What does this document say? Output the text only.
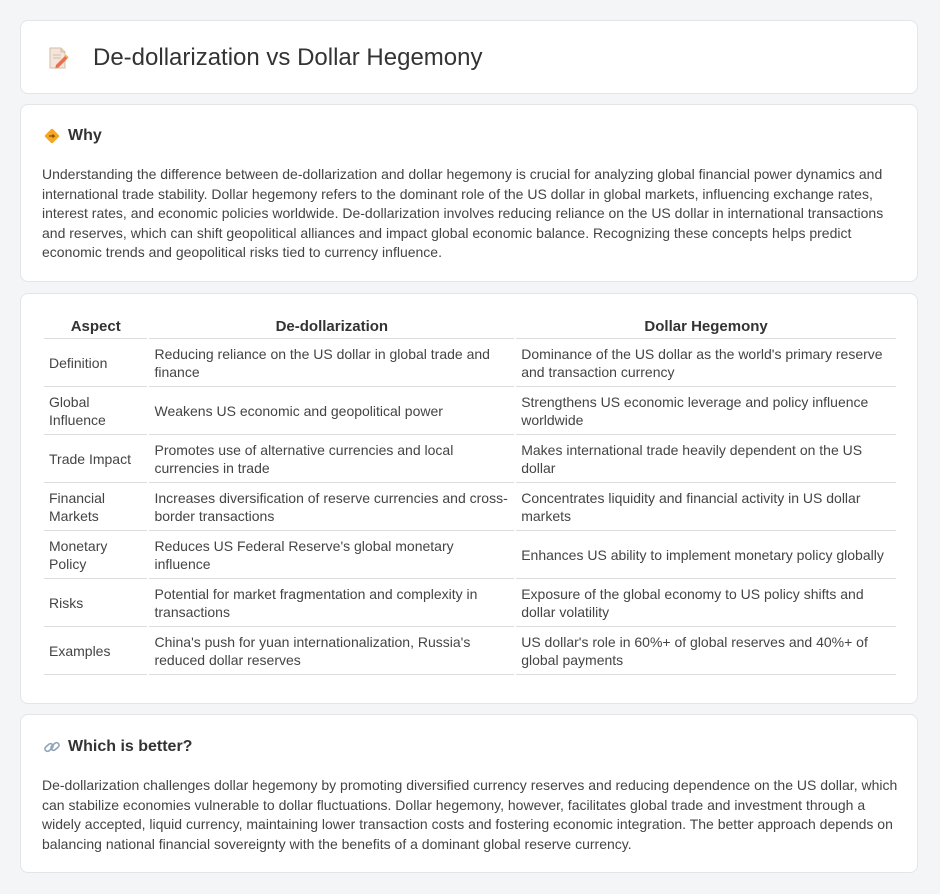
De-dollarization vs Dollar Hegemony
Why

Understanding the difference between de-dollarization and dollar hegemony is crucial for analyzing global financial power dynamics and international trade stability. Dollar hegemony refers to the dominant role of the US dollar in global markets, influencing exchange rates, interest rates, and economic policies worldwide. De-dollarization involves reducing reliance on the US dollar in international transactions and reserves, which can shift geopolitical alliances and impact global economic balance. Recognizing these concepts helps predict economic trends and geopolitical risks tied to currency influence.

Aspect	De-dollarization	Dollar Hegemony
Definition	Reducing reliance on the US dollar in global trade and finance	Dominance of the US dollar as the world's primary reserve and transaction currency
Global Influence	Weakens US economic and geopolitical power	Strengthens US economic leverage and policy influence worldwide
Trade Impact	Promotes use of alternative currencies and local currencies in trade	Makes international trade heavily dependent on the US dollar
Financial Markets	Increases diversification of reserve currencies and cross-border transactions	Concentrates liquidity and financial activity in US dollar markets
Monetary Policy	Reduces US Federal Reserve's global monetary influence	Enhances US ability to implement monetary policy globally
Risks	Potential for market fragmentation and complexity in transactions	Exposure of the global economy to US policy shifts and dollar volatility
Examples	China's push for yuan internationalization, Russia's reduced dollar reserves	US dollar's role in 60%+ of global reserves and 40%+ of global payments
Which is better?

De-dollarization challenges dollar hegemony by promoting diversified currency reserves and reducing dependence on the US dollar, which can stabilize economies vulnerable to dollar fluctuations. Dollar hegemony, however, facilitates global trade and investment through a widely accepted, liquid currency, maintaining lower transaction costs and fostering economic integration. The better approach depends on balancing national financial sovereignty with the benefits of a dominant global reserve currency.
